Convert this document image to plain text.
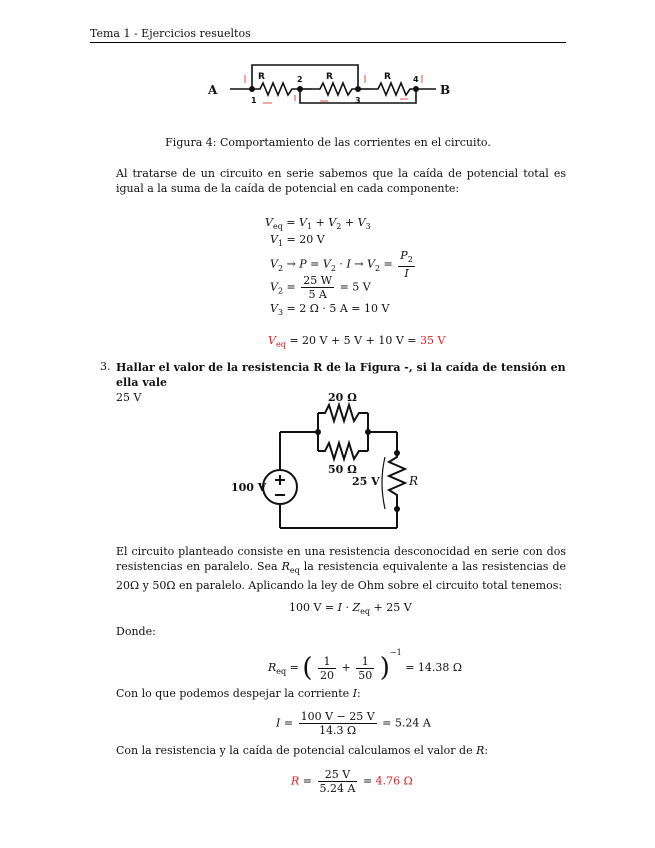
Tema 1 - Ejercicios resueltos
A	B
R	R	R
1
2
3
4
Figura 4: Comportamiento de las corrientes en el circuito.
Al tratarse de un circuito en serie sabemos que la caída de potencial total es igual a la suma de la caída de potencial en cada componente:
$V_{eq} = V_1 + V_2 + V_3$
$V_1 = 20$ V
$V_2 \to P = V_2 \cdot I \to V_2 = \frac{P_2}{I}$
$V_2 = \frac{25 W}{5 A} = 5$ V
$V_3 = 2$ Ω · 5 A = 10 V
$V_{eq} = 20$ V + 5 V + 10 V = 35 V
3. Hallar el valor de la resistencia R de la Figura -, si la caída de tensión en ella vale
25 V	20 Ω
50 Ω
100 V	25 V R
El circuito planteado consiste en una resistencia desconocidad en serie con dos resistencias en paralelo. Sea $R_{eq}$ la resistencia equivalente a las resistencias de 20Ω y 50Ω en paralelo. Aplicando la ley de Ohm sobre el circuito total tenemos:
100 $V = I \cdot Z_{eq} + 25$ V
Donde:
$R_{eq}$ = ( $\frac{1}{20} + \frac{1}{50} )^{-1} = 14.38$ Ω
Con lo que podemos despejar la corriente I:
$I = \frac{100 V - 25 V}{14.3 \Omega} = 5.24$ A
Con la resistencia y la caída de potencial calculamos el valor de R:
$R = \frac{25 V}{5.24 A} = 4.76$ Ω
